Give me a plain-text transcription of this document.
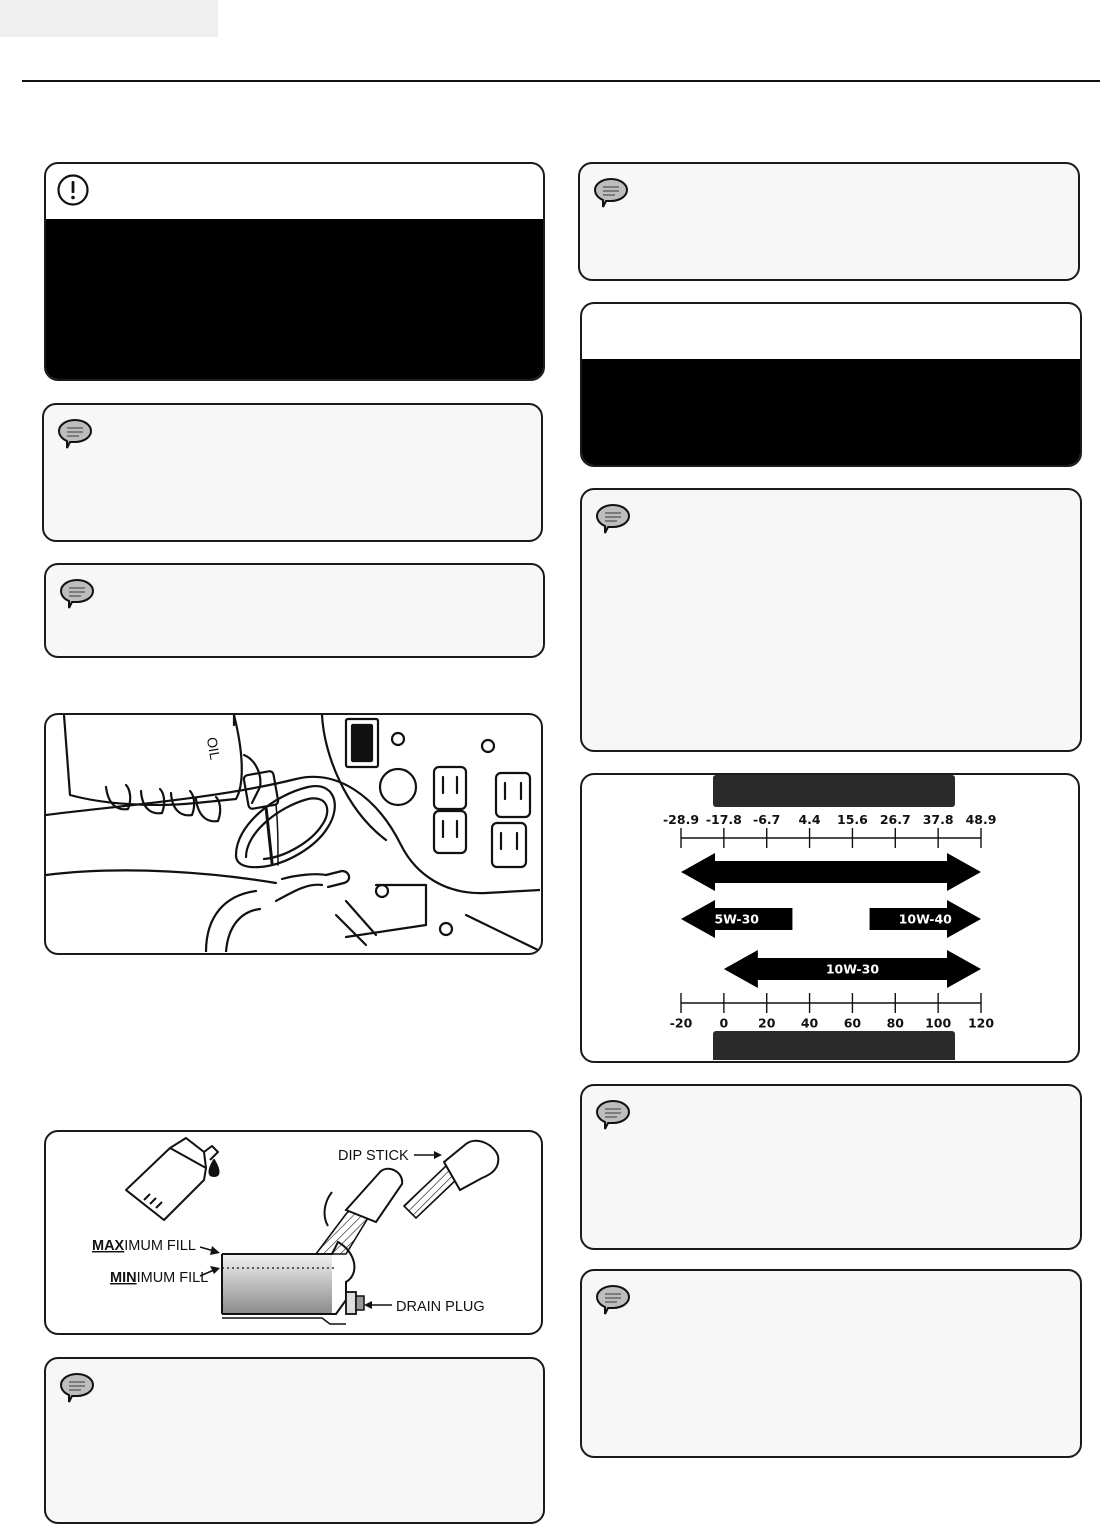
OIL
DIP STICK
MAXIMUM FILL
MINIMUM FILL
DRAIN PLUG
-28.9
-20
-17.8
0
-6.7
20
4.4
40
15.6
60
26.7
80
37.8
100
48.9
120
5W-30	10W-40
10W-30
